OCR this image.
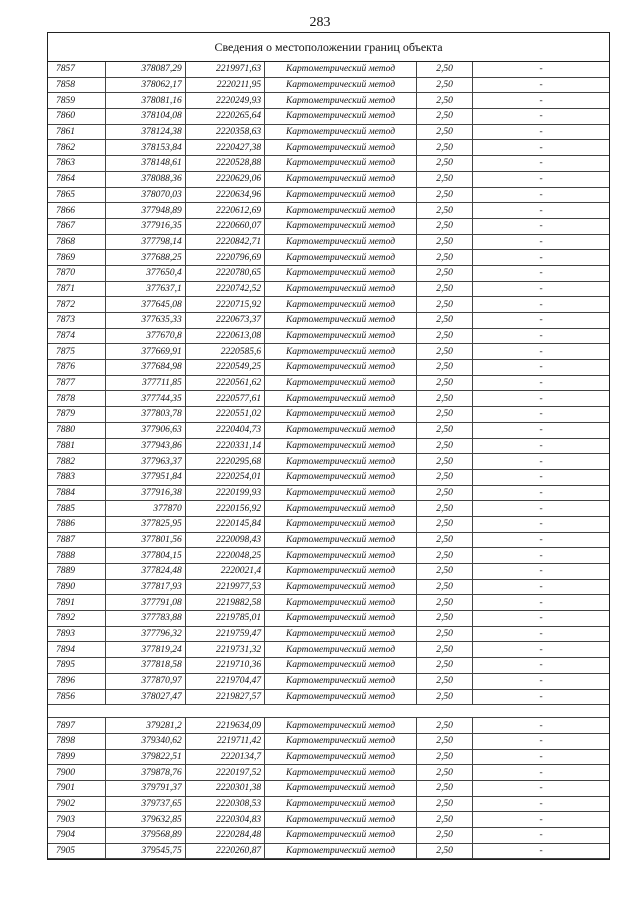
283
Сведения о местоположении границ объекта
7857	378087,29	2219971,63	Картометрический метод	2,50	-
7858	378062,17	2220211,95	Картометрический метод	2,50	-
7859	378081,16	2220249,93	Картометрический метод	2,50	-
7860	378104,08	2220265,64	Картометрический метод	2,50	-
7861	378124,38	2220358,63	Картометрический метод	2,50	-
7862	378153,84	2220427,38	Картометрический метод	2,50	-
7863	378148,61	2220528,88	Картометрический метод	2,50	-
7864	378088,36	2220629,06	Картометрический метод	2,50	-
7865	378070,03	2220634,96	Картометрический метод	2,50	-
7866	377948,89	2220612,69	Картометрический метод	2,50	-
7867	377916,35	2220660,07	Картометрический метод	2,50	-
7868	377798,14	2220842,71	Картометрический метод	2,50	-
7869	377688,25	2220796,69	Картометрический метод	2,50	-
7870	377650,4	2220780,65	Картометрический метод	2,50	-
7871	377637,1	2220742,52	Картометрический метод	2,50	-
7872	377645,08	2220715,92	Картометрический метод	2,50	-
7873	377635,33	2220673,37	Картометрический метод	2,50	-
7874	377670,8	2220613,08	Картометрический метод	2,50	-
7875	377669,91	2220585,6	Картометрический метод	2,50	-
7876	377684,98	2220549,25	Картометрический метод	2,50	-
7877	377711,85	2220561,62	Картометрический метод	2,50	-
7878	377744,35	2220577,61	Картометрический метод	2,50	-
7879	377803,78	2220551,02	Картометрический метод	2,50	-
7880	377906,63	2220404,73	Картометрический метод	2,50	-
7881	377943,86	2220331,14	Картометрический метод	2,50	-
7882	377963,37	2220295,68	Картометрический метод	2,50	-
7883	377951,84	2220254,01	Картометрический метод	2,50	-
7884	377916,38	2220199,93	Картометрический метод	2,50	-
7885	377870	2220156,92	Картометрический метод	2,50	-
7886	377825,95	2220145,84	Картометрический метод	2,50	-
7887	377801,56	2220098,43	Картометрический метод	2,50	-
7888	377804,15	2220048,25	Картометрический метод	2,50	-
7889	377824,48	2220021,4	Картометрический метод	2,50	-
7890	377817,93	2219977,53	Картометрический метод	2,50	-
7891	377791,08	2219882,58	Картометрический метод	2,50	-
7892	377783,88	2219785,01	Картометрический метод	2,50	-
7893	377796,32	2219759,47	Картометрический метод	2,50	-
7894	377819,24	2219731,32	Картометрический метод	2,50	-
7895	377818,58	2219710,36	Картометрический метод	2,50	-
7896	377870,97	2219704,47	Картометрический метод	2,50	-
7856	378027,47	2219827,57	Картометрический метод	2,50	-

7897	379281,2	2219634,09	Картометрический метод	2,50	-
7898	379340,62	2219711,42	Картометрический метод	2,50	-
7899	379822,51	2220134,7	Картометрический метод	2,50	-
7900	379878,76	2220197,52	Картометрический метод	2,50	-
7901	379791,37	2220301,38	Картометрический метод	2,50	-
7902	379737,65	2220308,53	Картометрический метод	2,50	-
7903	379632,85	2220304,83	Картометрический метод	2,50	-
7904	379568,89	2220284,48	Картометрический метод	2,50	-
7905	379545,75	2220260,87	Картометрический метод	2,50	-
